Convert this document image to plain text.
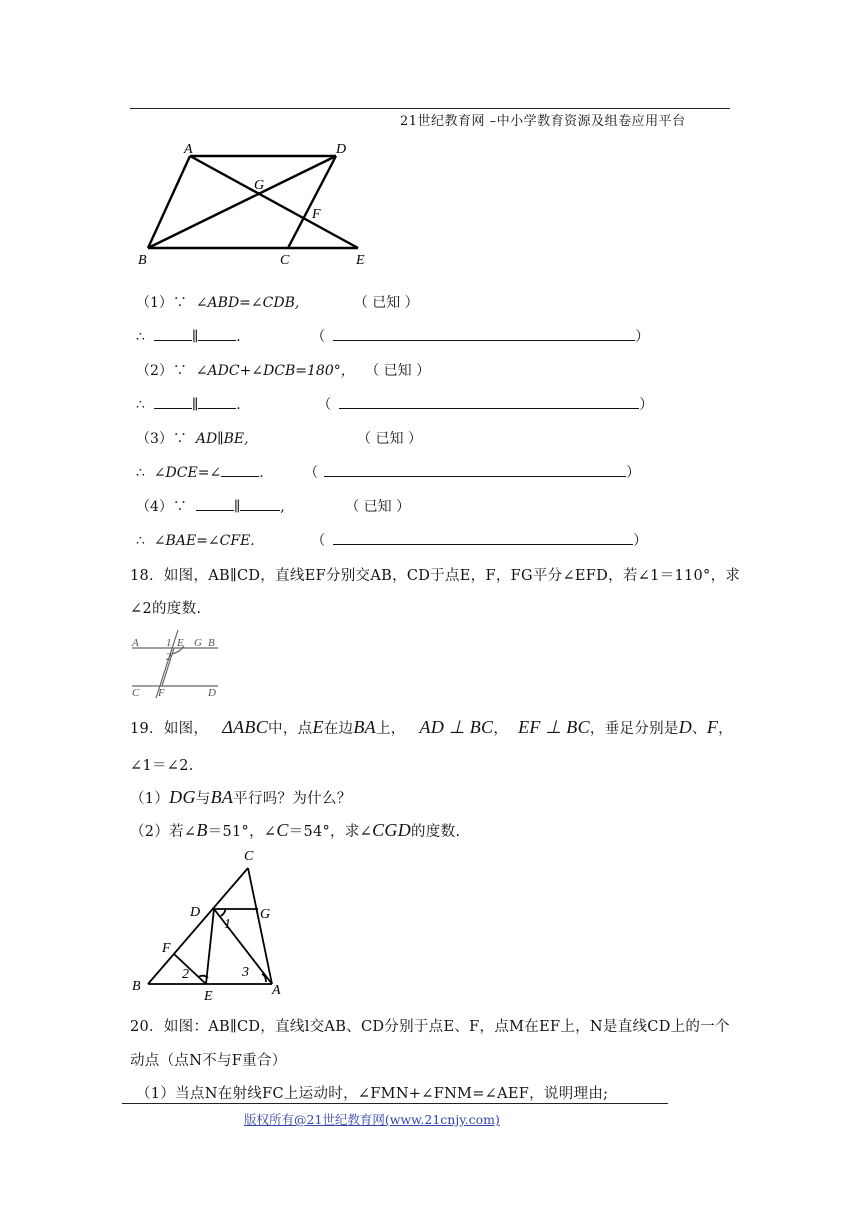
21世纪教育网 –中小学教育资源及组卷应用平台
A	D
G
F
B	C	E
（1）∵ ∠ABD=∠CDB,	（ 已知 ）
∴	∥	.	（	）
（2）∵ ∠ADC+∠DCB=180°， （ 已知 ）
∴	∥	.	（	）
（3）∵ AD∥BE,	（ 已知 ）
∴ ∠DCE=∠	.	（	）
（4）∵	∥	,	（ 已知 ）
∴ ∠BAE=∠CFE.	（	）
18．如图，AB∥CD，直线EF分别交AB，CD于点E，F，FG平分∠EFD，若∠1＝110°，求
∠2的度数.
A 1 E G B
2
C F	D
19．如图， ΔABC中，点E在边BA上， AD ⊥ BC， EF ⊥ BC，垂足分别是D、F，
∠1＝∠2.
（1）DG与BA平行吗？为什么？
（2）若∠B＝51°，∠C＝54°，求∠CGD的度数.
C
D	G
1
F
2	3
B
E	A
20．如图：AB∥CD，直线l交AB、CD分别于点E、F，点M在EF上，N是直线CD上的一个
动点（点N不与F重合）
（1）当点N在射线FC上运动时，∠FMN+∠FNM=∠AEF，说明理由;
版权所有@21世纪教育网(www.21cnjy.com)
